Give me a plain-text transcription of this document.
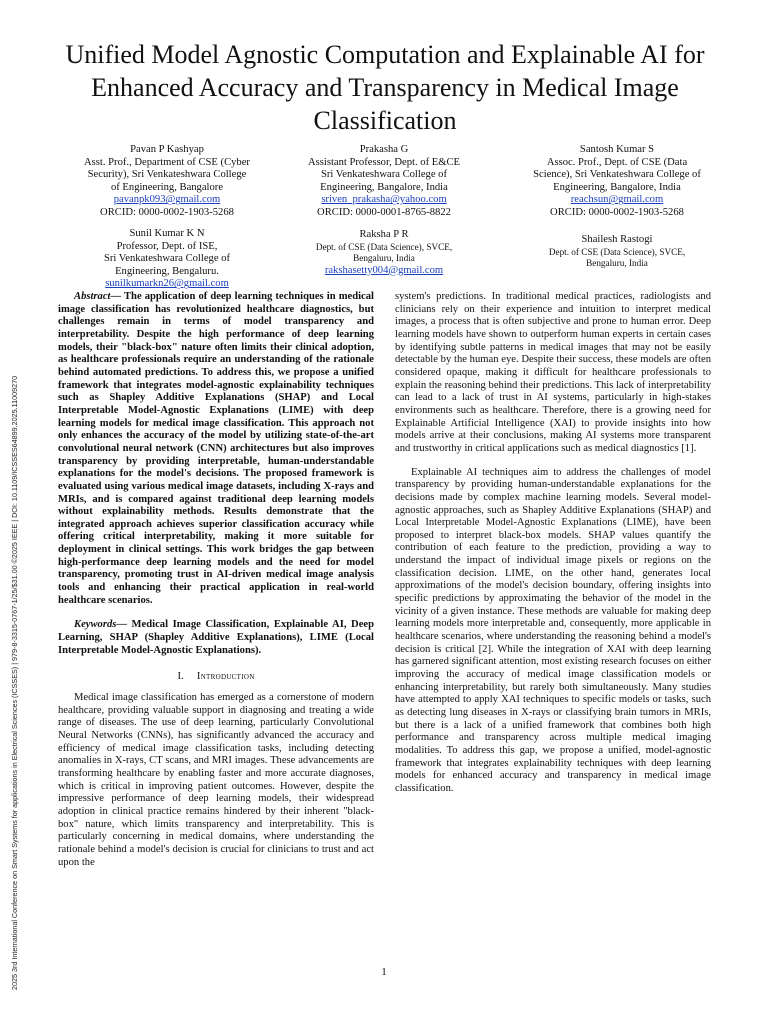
2025 3rd International Conference on Smart Systems for applications in Electrical Sciences (ICSSES) | 979-8-3315-0767-1/25/$31.00 ©2025 IEEE | DOI: 10.1109/ICSSES64899.2025.11009270
Unified Model Agnostic Computation and Explainable AI for Enhanced Accuracy and Transparency in Medical Image Classification
Pavan P Kashyap
Asst. Prof., Department of CSE (Cyber
Security), Sri Venkateshwara College
of Engineering, Bangalore
pavanpk093@gmail.com
ORCID: 0000-0002-1903-5268
Prakasha G
Assistant Professor, Dept. of E&CE
Sri Venkateshwara College of
Engineering, Bangalore, India
sriven_prakasha@yahoo.com
ORCID: 0000-0001-8765-8822
Santosh Kumar S
Assoc. Prof., Dept. of CSE (Data
Science), Sri Venkateshwara College of
Engineering, Bangalore, India
reachsun@gmail.com
ORCID: 0000-0002-1903-5268
Sunil Kumar K N
Professor, Dept. of ISE,
Sri Venkateshwara College of
Engineering, Bengaluru.
sunilkumarkn26@gmail.com
Raksha P R
Dept. of CSE (Data Science), SVCE,
Bengaluru, India
rakshasetty004@gmail.com
Shailesh Rastogi
Dept. of CSE (Data Science), SVCE,
Bengaluru, India

Abstract— The application of deep learning techniques in medical image classification has revolutionized healthcare diagnostics, but challenges remain in terms of model transparency and interpretability. Despite the high performance of deep learning models, their "black-box" nature often limits their clinical adoption, as healthcare professionals require an understanding of the rationale behind automated predictions. To address this, we propose a unified framework that integrates model-agnostic explainability techniques such as Shapley Additive Explanations (SHAP) and Local Interpretable Model-Agnostic Explanations (LIME) with deep learning models for medical image classification. This approach not only enhances the accuracy of the model by utilizing state-of-the-art convolutional neural network (CNN) architectures but also improves transparency by providing interpretable, human-understandable explanations for the model's decisions. The proposed framework is evaluated using various medical image datasets, including X-rays and MRIs, and is compared against traditional deep learning models without explainability methods. Results demonstrate that the integrated approach achieves superior classification accuracy while offering critical interpretability, making it more suitable for deployment in clinical settings. This work bridges the gap between high-performance deep learning models and the need for model transparency, promoting trust in AI-driven medical image analysis tools and enhancing their practical application in real-world healthcare scenarios.

Keywords— Medical Image Classification, Explainable AI, Deep Learning, SHAP (Shapley Additive Explanations), LIME (Local Interpretable Model-Agnostic Explanations).

I. Introduction

Medical image classification has emerged as a cornerstone of modern healthcare, providing valuable support in diagnosing and treating a wide range of diseases. The use of deep learning, particularly Convolutional Neural Networks (CNNs), has significantly advanced the accuracy and efficiency of medical image classification tasks, including detecting anomalies in X-rays, CT scans, and MRI images. These advancements are transforming healthcare by enabling faster and more accurate diagnoses, which is critical in improving patient outcomes. However, despite the impressive performance of deep learning models, their widespread adoption in clinical practice remains hindered by their inherent "black-box" nature, which limits transparency and interpretability. This is particularly concerning in medical domains, where understanding the rationale behind a model's decision is crucial for clinicians to trust and act upon the

system's predictions. In traditional medical practices, radiologists and clinicians rely on their experience and intuition to interpret medical images, a process that is often subjective and prone to human error. Deep learning models have shown to outperform human experts in certain cases by identifying subtle patterns in medical images that may not be easily detectable by the human eye. Despite their success, these models are often considered opaque, making it difficult for healthcare professionals to explain the reasoning behind their predictions. This lack of interpretability can lead to a lack of trust in AI systems, particularly in high-stakes environments such as healthcare. Therefore, there is a growing need for Explainable Artificial Intelligence (XAI) to provide insights into how models arrive at their conclusions, making AI systems more transparent and trustworthy in critical applications such as medical diagnostics [1].

Explainable AI techniques aim to address the challenges of model transparency by providing human-understandable explanations for the decisions made by complex machine learning models. Several model-agnostic approaches, such as Shapley Additive Explanations (SHAP) and Local Interpretable Model-Agnostic Explanations (LIME), have been proposed to interpret black-box models. SHAP values quantify the contribution of each feature to the prediction, providing a way to understand the impact of individual image pixels or regions on the classification decision. LIME, on the other hand, generates local approximations of the model's decision boundary, offering insights into specific predictions by approximating the behavior of the model in the vicinity of a given instance. These methods are valuable for making deep learning models more interpretable and, consequently, more applicable in healthcare scenarios, where understanding the reasoning behind a model's decision is critical [2]. While the integration of XAI with deep learning has garnered significant attention, most existing research focuses on either improving the accuracy of medical image classification models or enhancing interpretability, but rarely both simultaneously. Many studies have attempted to apply XAI techniques to specific models or tasks, such as detecting lung diseases in X-rays or classifying brain tumors in MRIs, but there is a lack of a unified framework that combines both high performance and transparency across multiple medical imaging modalities. To address this gap, we propose a unified, model-agnostic framework that integrates explainability techniques with deep learning models for enhanced accuracy and transparency in medical image classification.

1
